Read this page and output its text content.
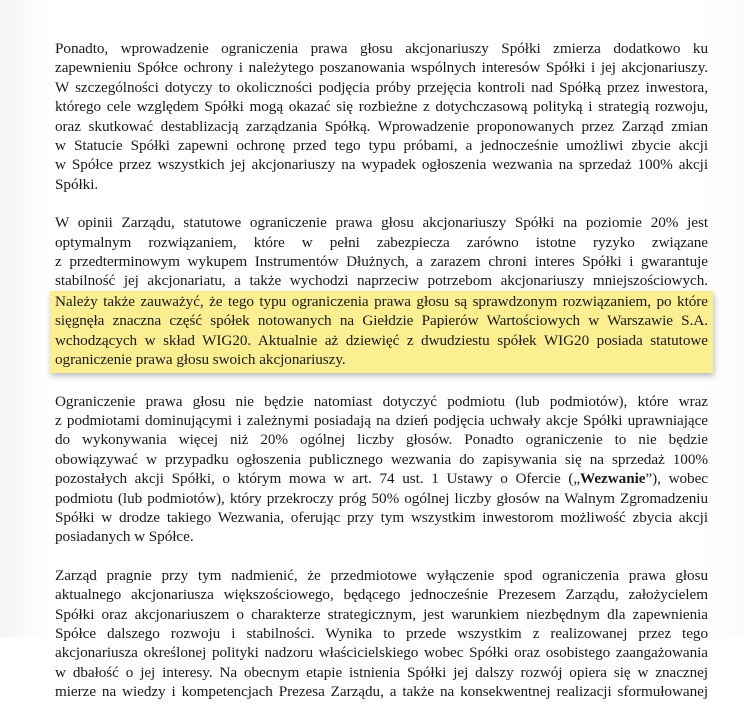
Ponadto, wprowadzenie ograniczenia prawa głosu akcjonariuszy Spółki zmierza dodatkowo ku
zapewnieniu Spółce ochrony i należytego poszanowania wspólnych interesów Spółki i jej akcjonariuszy.
W szczególności dotyczy to okoliczności podjęcia próby przejęcia kontroli nad Spółką przez inwestora,
którego cele względem Spółki mogą okazać się rozbieżne z dotychczasową polityką i strategią rozwoju,
oraz skutkować destablizacją zarządzania Spółką. Wprowadzenie proponowanych przez Zarząd zmian
w Statucie Spółki zapewni ochronę przed tego typu próbami, a jednocześnie umożliwi zbycie akcji
w Spółce przez wszystkich jej akcjonariuszy na wypadek ogłoszenia wezwania na sprzedaż 100% akcji
Spółki.
W opinii Zarządu, statutowe ograniczenie prawa głosu akcjonariuszy Spółki na poziomie 20% jest
optymalnym rozwiązaniem, które w pełni zabezpiecza zarówno istotne ryzyko związane
z przedterminowym wykupem Instrumentów Dłużnych, a zarazem chroni interes Spółki i gwarantuje
stabilność jej akcjonariatu, a także wychodzi naprzeciw potrzebom akcjonariuszy mniejszościowych.
Należy także zauważyć, że tego typu ograniczenia prawa głosu są sprawdzonym rozwiązaniem, po które
sięgnęła znaczna część spółek notowanych na Giełdzie Papierów Wartościowych w Warszawie S.A.
wchodzących w skład WIG20. Aktualnie aż dziewięć z dwudziestu spółek WIG20 posiada statutowe
ograniczenie prawa głosu swoich akcjonariuszy.
Ograniczenie prawa głosu nie będzie natomiast dotyczyć podmiotu (lub podmiotów), które wraz
z podmiotami dominującymi i zależnymi posiadają na dzień podjęcia uchwały akcje Spółki uprawniające
do wykonywania więcej niż 20% ogólnej liczby głosów. Ponadto ograniczenie to nie będzie
obowiązywać w przypadku ogłoszenia publicznego wezwania do zapisywania się na sprzedaż 100%
pozostałych akcji Spółki, o którym mowa w art. 74 ust. 1 Ustawy o Ofercie („Wezwanie”), wobec
podmiotu (lub podmiotów), który przekroczy próg 50% ogólnej liczby głosów na Walnym Zgromadzeniu
Spółki w drodze takiego Wezwania, oferując przy tym wszystkim inwestorom możliwość zbycia akcji
posiadanych w Spółce.
Zarząd pragnie przy tym nadmienić, że przedmiotowe wyłączenie spod ograniczenia prawa głosu
aktualnego akcjonariusza większościowego, będącego jednocześnie Prezesem Zarządu, założycielem
Spółki oraz akcjonariuszem o charakterze strategicznym, jest warunkiem niezbędnym dla zapewnienia
Spółce dalszego rozwoju i stabilności. Wynika to przede wszystkim z realizowanej przez tego
akcjonariusza określonej polityki nadzoru właścicielskiego wobec Spółki oraz osobistego zaangażowania
w dbałość o jej interesy. Na obecnym etapie istnienia Spółki jej dalszy rozwój opiera się w znacznej
mierze na wiedzy i kompetencjach Prezesa Zarządu, a także na konsekwentnej realizacji sformułowanej
